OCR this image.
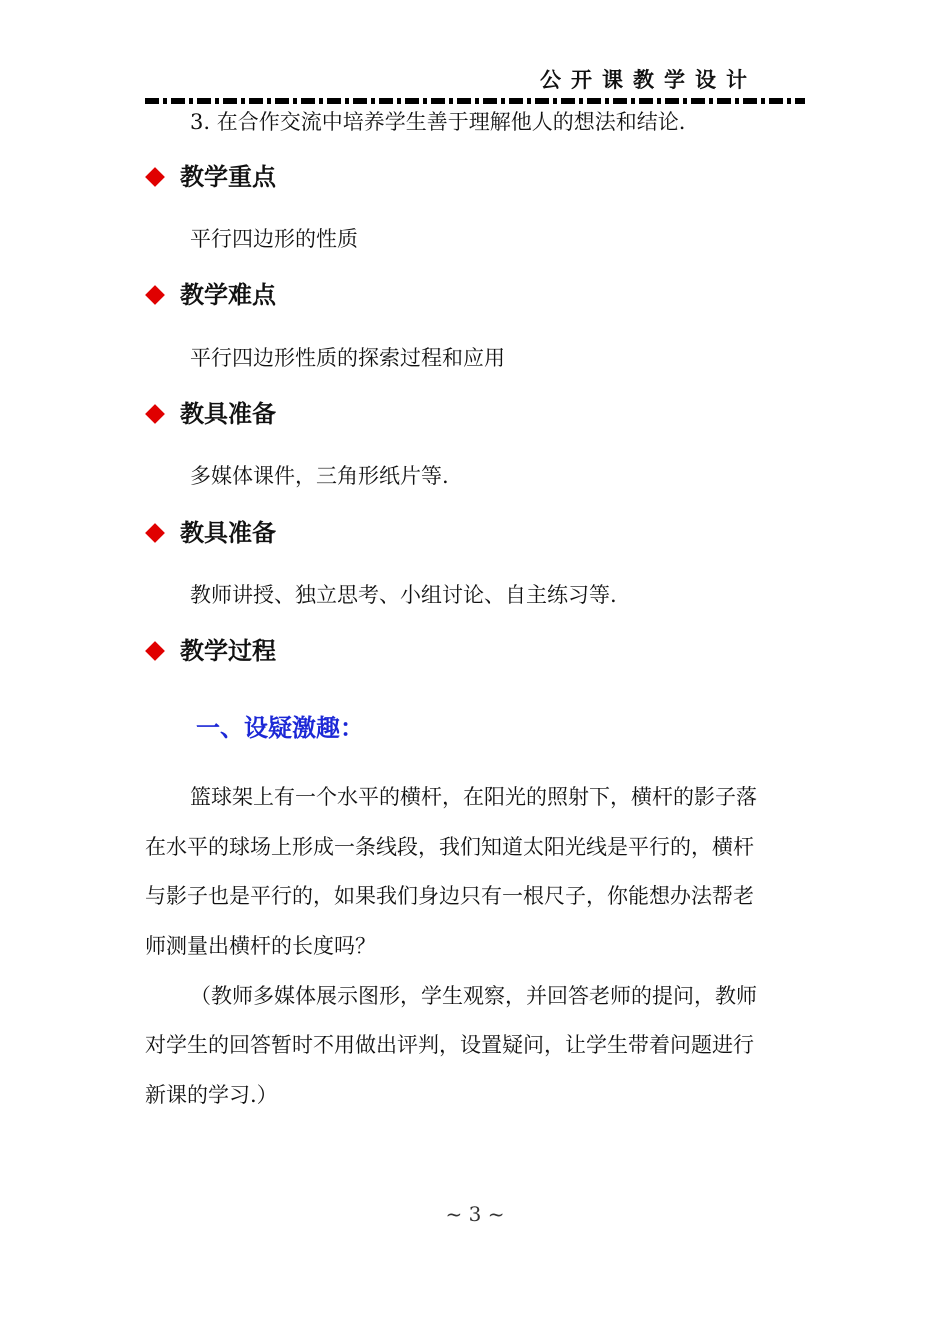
公开课教学设计
3. 在合作交流中培养学生善于理解他人的想法和结论.
教学重点
平行四边形的性质
教学难点
平行四边形性质的探索过程和应用
教具准备
多媒体课件，三角形纸片等.
教具准备
教师讲授、独立思考、小组讨论、自主练习等.
教学过程
一、设疑激趣：
篮球架上有一个水平的横杆，在阳光的照射下，横杆的影子落
在水平的球场上形成一条线段，我们知道太阳光线是平行的，横杆
与影子也是平行的，如果我们身边只有一根尺子，你能想办法帮老
师测量出横杆的长度吗？
（教师多媒体展示图形，学生观察，并回答老师的提问，教师
对学生的回答暂时不用做出评判，设置疑问，让学生带着问题进行
新课的学习.）
~ 3 ~
